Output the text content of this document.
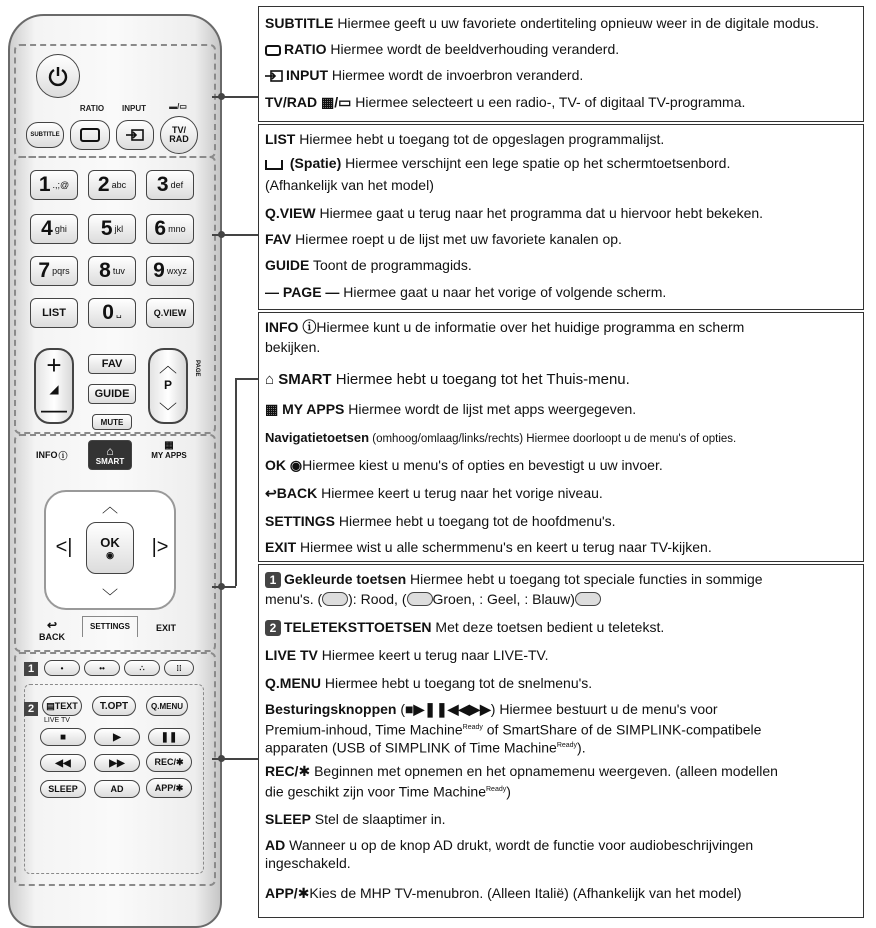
RATIO	INPUT	▬/▭
SUBTITLE	TV/
RAD
1 .,;@ 2 abc 3 def
4 ghi 5 jkl 6 mno
7 pqrs 8 tuv 9 wxyz
LIST	0 ␣	Q.VIEW
+
◢
—
FAV
GUIDE
MUTE
︿
P
﹀
PAGE
INFO ⓘ	⌂
SMART
▦
MY APPS
︿
<|	|>
﹀
OK
◉
↩
BACK
SETTINGS	EXIT
1	•	••	∴	⁞⁞
2	▤ TEXT
LIVE TV
T.OPT	Q.MENU
■	▶	❚❚
◀◀	▶▶	REC/ ✱
SLEEP	AD	APP/ ✱
SUBTITLE Hiermee geeft u uw favoriete ondertiteling opnieuw weer in de digitale modus.
RATIO Hiermee wordt de beeldverhouding veranderd.
INPUT Hiermee wordt de invoerbron veranderd.
TV/RAD ▦/▭ Hiermee selecteert u een radio-, TV- of digitaal TV-programma.
LIST Hiermee hebt u toegang tot de opgeslagen programmalijst.
(Spatie) Hiermee verschijnt een lege spatie op het schermtoetsenbord.
(Afhankelijk van het model)
Q.VIEW Hiermee gaat u terug naar het programma dat u hiervoor hebt bekeken.
FAV Hiermee roept u de lijst met uw favoriete kanalen op.
GUIDE Toont de programmagids.
— PAGE — Hiermee gaat u naar het vorige of volgende scherm.
INFO ⓘHiermee kunt u de informatie over het huidige programma en scherm
bekijken.
⌂ SMART Hiermee hebt u toegang tot het Thuis-menu.
▦ MY APPS Hiermee wordt de lijst met apps weergegeven.
Navigatietoetsen (omhoog/omlaag/links/rechts) Hiermee doorloopt u de menu's of opties.
OK ◉Hiermee kiest u menu's of opties en bevestigt u uw invoer.
↩BACK Hiermee keert u terug naar het vorige niveau.
SETTINGS Hiermee hebt u toegang tot de hoofdmenu's.
EXIT Hiermee wist u alle schermmenu's en keert u terug naar TV-kijken.
1 Gekleurde toetsen Hiermee hebt u toegang tot speciale functies in sommige
menu's. ( ): Rood, ( Groen, : Geel, : Blauw)
2 TELETEKSTTOETSEN Met deze toetsen bedient u teletekst.
LIVE TV Hiermee keert u terug naar LIVE-TV.
Q.MENU Hiermee hebt u toegang tot de snelmenu's.
Besturingsknoppen (■▶❚❚◀◀▶▶) Hiermee bestuurt u de menu's voor
Premium-inhoud, Time Machine$^{Ready}$ of SmartShare of de SIMPLINK-compatibele
apparaten (USB of SIMPLINK of Time Machine$^{Ready}$).
REC/✱ Beginnen met opnemen en het opnamemenu weergeven. (alleen modellen
die geschikt zijn voor Time Machine$^{Ready}$)
SLEEP Stel de slaaptimer in.
AD Wanneer u op de knop AD drukt, wordt de functie voor audiobeschrijvingen
ingeschakeld.
APP/✱Kies de MHP TV-menubron. (Alleen Italië) (Afhankelijk van het model)
